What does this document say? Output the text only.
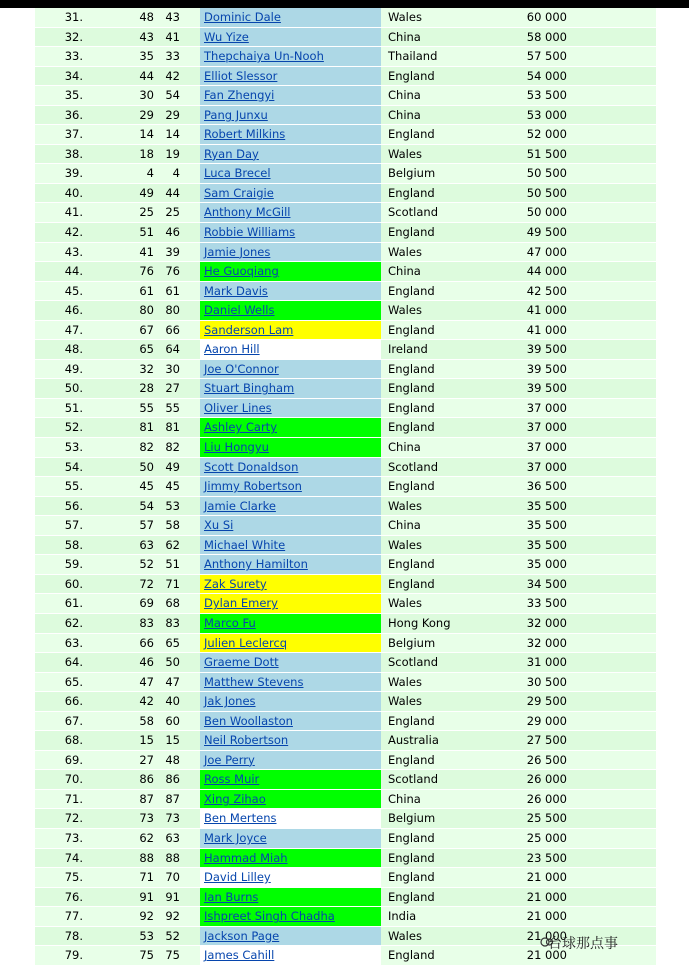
31.	48 43	Dominic Dale	Wales	60 000
32.	43 41	Wu Yize	China	58 000
33.	35 33	Thepchaiya Un-Nooh	Thailand	57 500
34.	44 42	Elliot Slessor	England	54 000
35.	30 54	Fan Zhengyi	China	53 500
36.	29 29	Pang Junxu	China	53 000
37.	14 14	Robert Milkins	England	52 000
38.	18 19	Ryan Day	Wales	51 500
39.	4	4	Luca Brecel	Belgium	50 500
40.	49 44	Sam Craigie	England	50 500
41.	25 25	Anthony McGill	Scotland	50 000
42.	51 46	Robbie Williams	England	49 500
43.	41 39	Jamie Jones	Wales	47 000
44.	76 76	He Guoqiang	China	44 000
45.	61 61	Mark Davis	England	42 500
46.	80 80	Daniel Wells	Wales	41 000
47.	67 66	Sanderson Lam	England	41 000
48.	65 64	Aaron Hill	Ireland	39 500
49.	32 30	Joe O'Connor	England	39 500
50.	28 27	Stuart Bingham	England	39 500
51.	55 55	Oliver Lines	England	37 000
52.	81 81	Ashley Carty	England	37 000
53.	82 82	Liu Hongyu	China	37 000
54.	50 49	Scott Donaldson	Scotland	37 000
55.	45 45	Jimmy Robertson	England	36 500
56.	54 53	Jamie Clarke	Wales	35 500
57.	57 58	Xu Si	China	35 500
58.	63 62	Michael White	Wales	35 500
59.	52 51	Anthony Hamilton	England	35 000
60.	72 71	Zak Surety	England	34 500
61.	69 68	Dylan Emery	Wales	33 500
62.	83 83	Marco Fu	Hong Kong	32 000
63.	66 65	Julien Leclercq	Belgium	32 000
64.	46 50	Graeme Dott	Scotland	31 000
65.	47 47	Matthew Stevens	Wales	30 500
66.	42 40	Jak Jones	Wales	29 500
67.	58 60	Ben Woollaston	England	29 000
68.	15 15	Neil Robertson	Australia	27 500
69.	27 48	Joe Perry	England	26 500
70.	86 86	Ross Muir	Scotland	26 000
71.	87 87	Xing Zihao	China	26 000
72.	73 73	Ben Mertens	Belgium	25 500
73.	62 63	Mark Joyce	England	25 000
74.	88 88	Hammad Miah	England	23 500
75.	71 70	David Lilley	England	21 000
76.	91 91	Ian Burns	England	21 000
77.	92 92	Ishpreet Singh Chadha	India	21 000
78.	53 52	Jackson Page	Wales	21 000
79.	75 75	James Cahill	England	21 000
台球那点事
